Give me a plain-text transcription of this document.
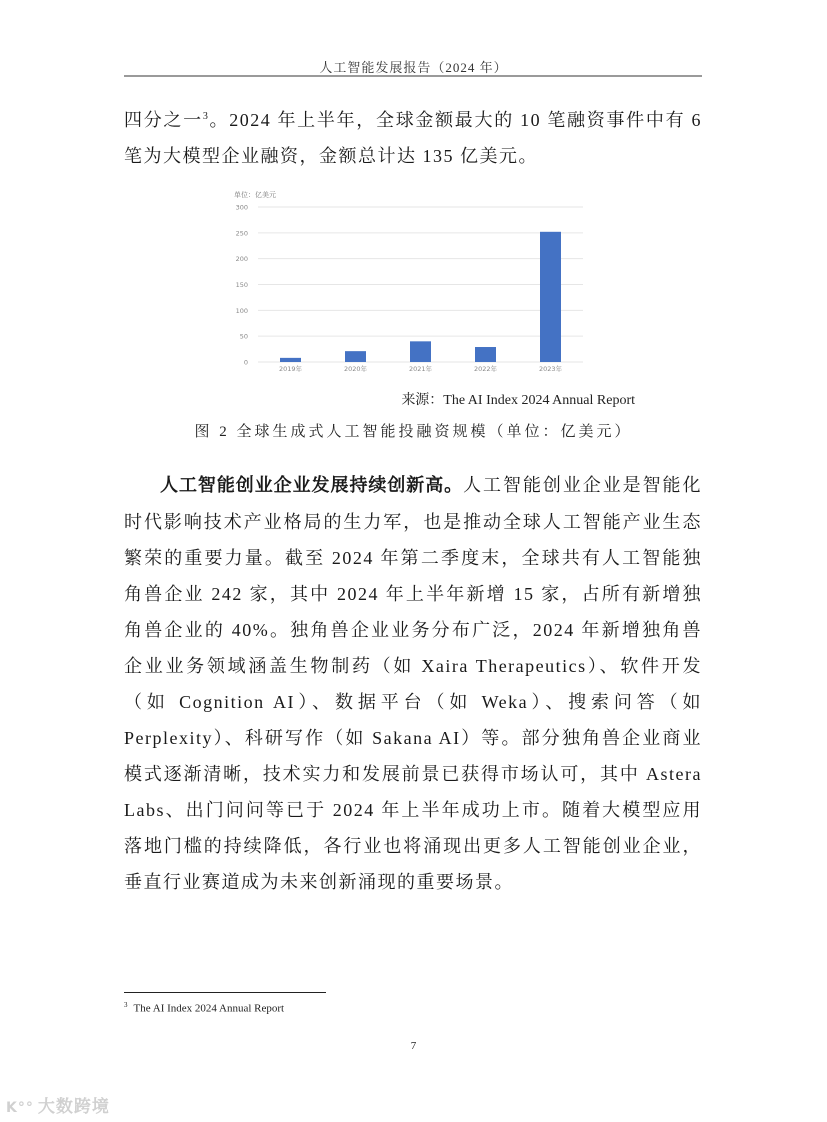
人工智能发展报告（2024 年）

四分之一$^3$。2024 年上半年，全球金额最大的 10 笔融资事件中有 6 笔为大模型企业融资，金额总计达 135 亿美元。

单位：亿美元
0
50
100
150
200
250
300
2019年	2020年	2021年	2022年	2023年
来源：The AI Index 2024 Annual Report
图 2 全球生成式人工智能投融资规模（单位：亿美元）

人工智能创业企业发展持续创新高。人工智能创业企业是智能化时代影响技术产业格局的生力军，也是推动全球人工智能产业生态繁荣的重要力量。截至 2024 年第二季度末，全球共有人工智能独角兽企业 242 家，其中 2024 年上半年新增 15 家，占所有新增独角兽企业的 40%。独角兽企业业务分布广泛，2024 年新增独角兽企业业务领域涵盖生物制药（如 Xaira Therapeutics）、软件开发（如 Cognition AI）、数据平台（如 Weka）、搜索问答（如 Perplexity）、科研写作（如 Sakana AI）等。部分独角兽企业商业模式逐渐清晰，技术实力和发展前景已获得市场认可，其中 Astera Labs、出门问问等已于 2024 年上半年成功上市。随着大模型应用落地门槛的持续降低，各行业也将涌现出更多人工智能创业企业，垂直行业赛道成为未来创新涌现的重要场景。

$^3$ The AI Index 2024 Annual Report
7
K°° 大数跨境
